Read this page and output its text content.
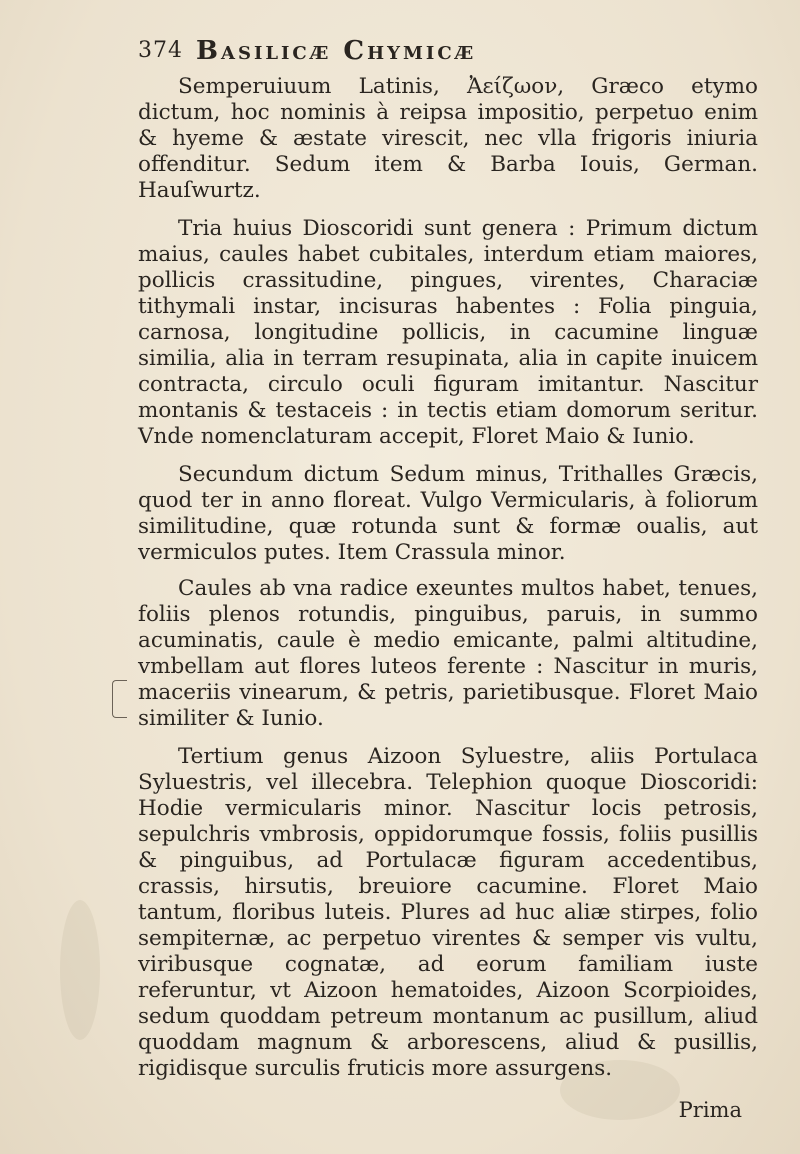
374 Basilicæ Chymicæ

Semperuiuum Latinis, Ἀείζωον, Græco etymo dictum, hoc nominis à reipsa impositio, perpetuo enim & hyeme & æstate virescit, nec vlla frigoris iniuria offenditur. Sedum item & Barba Iouis, German. Hauſwurtz.

Tria huius Dioscoridi sunt genera : Primum dictum maius, caules habet cubitales, interdum etiam maiores, pollicis crassitudine, pingues, virentes, Characiæ tithymali instar, incisuras habentes : Folia pinguia, carnosa, longitudine pollicis, in cacumine linguæ similia, alia in terram resupinata, alia in capite inuicem contracta, circulo oculi figuram imitantur. Nascitur montanis & testaceis : in tectis etiam domorum seritur. Vnde nomenclaturam accepit, Floret Maio & Iunio.

Secundum dictum Sedum minus, Trithalles Græcis, quod ter in anno floreat. Vulgo Vermicularis, à foliorum similitudine, quæ rotunda sunt & formæ oualis, aut vermiculos putes. Item Crassula minor.

Caules ab vna radice exeuntes multos habet, tenues, foliis plenos rotundis, pinguibus, paruis, in summo acuminatis, caule è medio emicante, palmi altitudine, vmbellam aut flores luteos ferente : Nascitur in muris, maceriis vinearum, & petris, parietibusque. Floret Maio similiter & Iunio.

Tertium genus Aizoon Syluestre, aliis Portulaca Syluestris, vel illecebra. Telephion quoque Dioscoridi: Hodie vermicularis minor. Nascitur locis petrosis, sepulchris vmbrosis, oppidorumque fossis, foliis pusillis & pinguibus, ad Portulacæ figuram accedentibus, crassis, hirsutis, breuiore cacumine. Floret Maio tantum, floribus luteis. Plures ad huc aliæ stirpes, folio sempiternæ, ac perpetuo virentes & semper vis vultu, viribusque cognatæ, ad eorum familiam iuste referuntur, vt Aizoon hematoides, Aizoon Scorpioides, sedum quoddam petreum montanum ac pusillum, aliud quoddam magnum & arborescens, aliud & pusillis, rigidisque surculis fruticis more assurgens.

Prima
